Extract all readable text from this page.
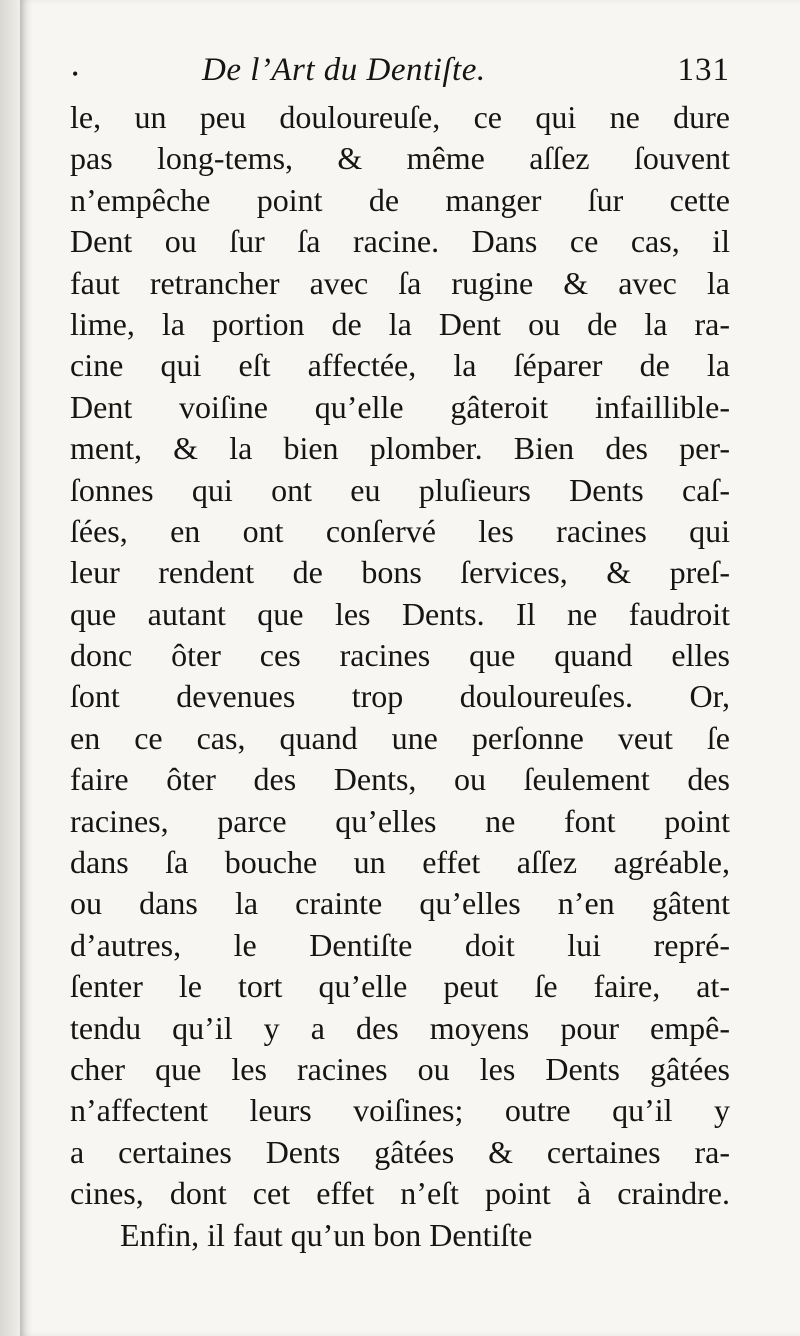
•	De l’Art du Dentiſte.	131
le, un peu douloureuſe, ce qui ne dure
pas long-tems, & même aſſez ſouvent
n’empêche point de manger ſur cette
Dent ou ſur ſa racine. Dans ce cas, il
faut retrancher avec ſa rugine & avec la
lime, la portion de la Dent ou de la ra-
cine qui eſt affectée, la ſéparer de la
Dent voiſine qu’elle gâteroit infaillible-
ment, & la bien plomber. Bien des per-
ſonnes qui ont eu pluſieurs Dents caſ-
ſées, en ont conſervé les racines qui
leur rendent de bons ſervices, & preſ-
que autant que les Dents. Il ne faudroit
donc ôter ces racines que quand elles
ſont devenues trop douloureuſes. Or,
en ce cas, quand une perſonne veut ſe
faire ôter des Dents, ou ſeulement des
racines, parce qu’elles ne font point
dans ſa bouche un effet aſſez agréable,
ou dans la crainte qu’elles n’en gâtent
d’autres, le Dentiſte doit lui repré-
ſenter le tort qu’elle peut ſe faire, at-
tendu qu’il y a des moyens pour empê-
cher que les racines ou les Dents gâtées
n’affectent leurs voiſines; outre qu’il y
a certaines Dents gâtées & certaines ra-
cines, dont cet effet n’eſt point à craindre.
Enfin, il faut qu’un bon Dentiſte
